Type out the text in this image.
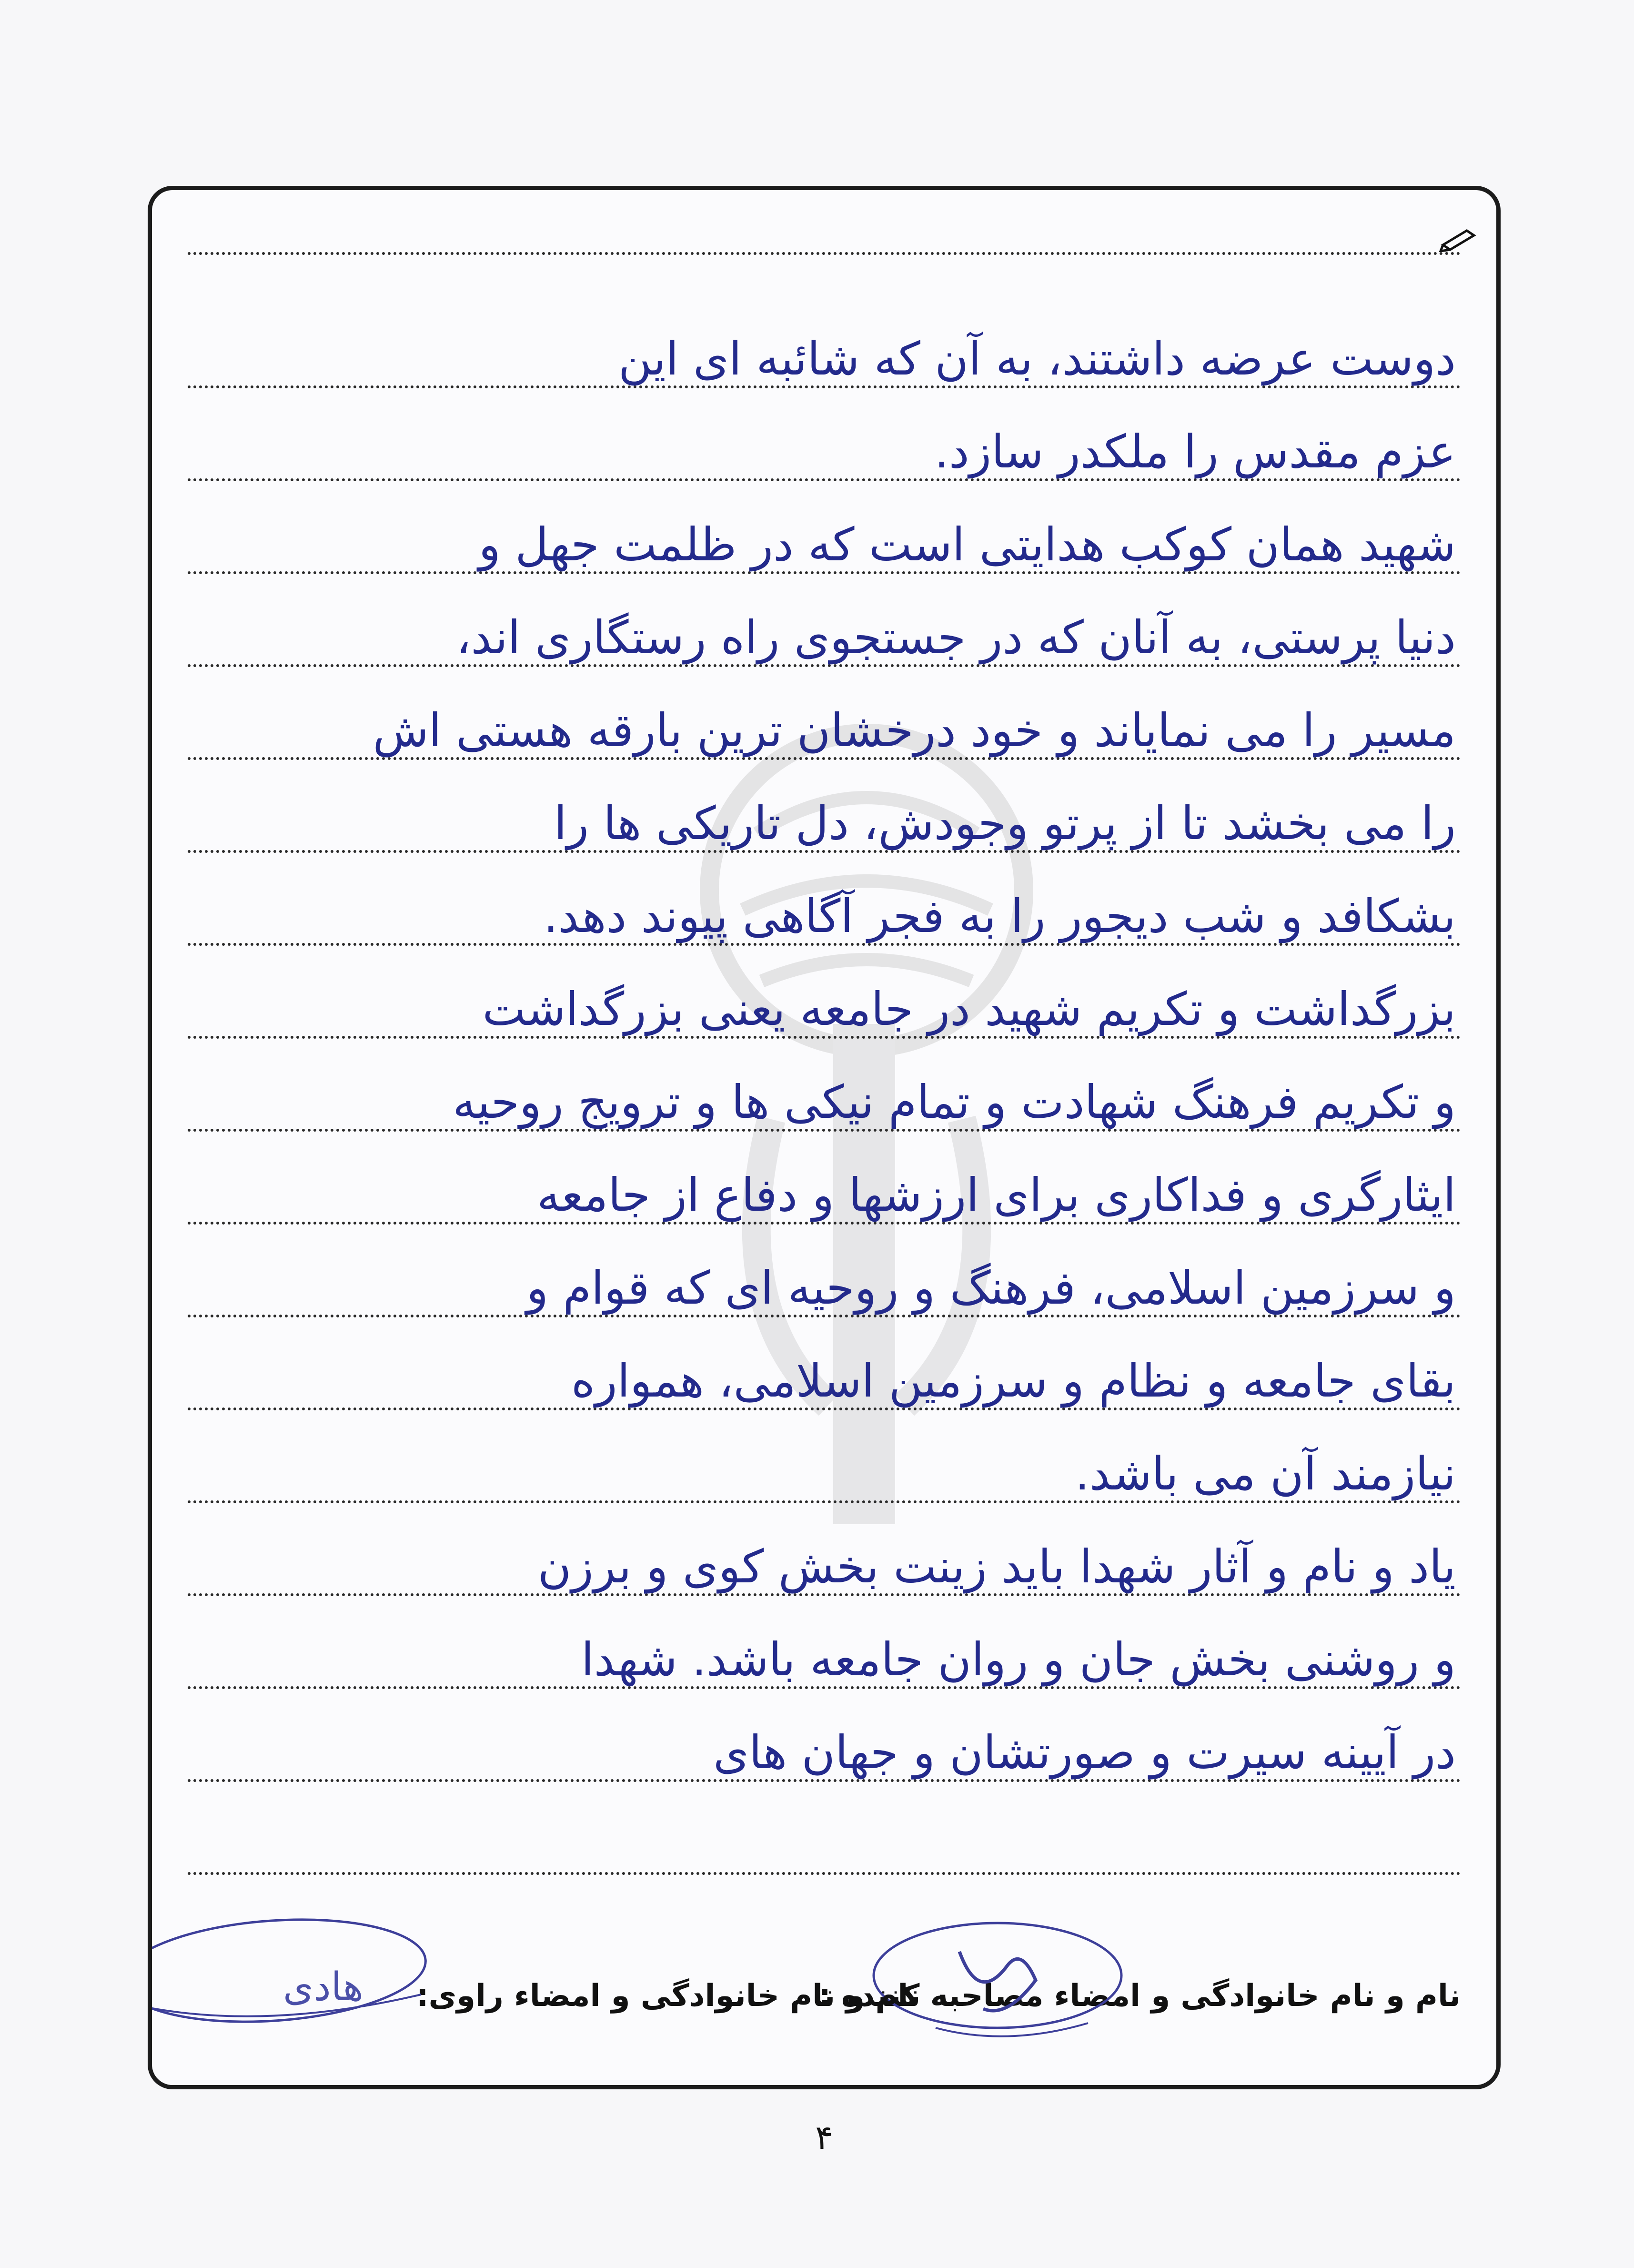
دوست عرضه داشتند، به آن که شائبه ای این
عزم مقدس را ملکدر سازد.
شهید همان کوکب هدایتی است که در ظلمت جهل و
دنیا پرستی، به آنان که در جستجوی راه رستگاری اند،
مسیر را می نمایاند و خود درخشان ترین بارقه هستی اش
را می بخشد تا از پرتو وجودش، دل تاریکی ها را
بشکافد و شب دیجور را به فجر آگاهی پیوند دهد.
بزرگداشت و تکریم شهید در جامعه یعنی بزرگداشت
و تکریم فرهنگ شهادت و تمام نیکی ها و ترویج روحیه
ایثارگری و فداکاری برای ارزشها و دفاع از جامعه
و سرزمین اسلامی، فرهنگ و روحیه ای که قوام و
بقای جامعه و نظام و سرزمین اسلامی، همواره
نیازمند آن می باشد.
یاد و نام و آثار شهدا باید زینت بخش کوی و برزن
و روشنی بخش جان و روان جامعه باشد. شهدا
در آیینه سیرت و صورتشان و جهان های
نام و نام خانوادگی و امضاء مصاحبه کننده :
نام و نام خانوادگی و امضاء راوی:
هادی
۴
